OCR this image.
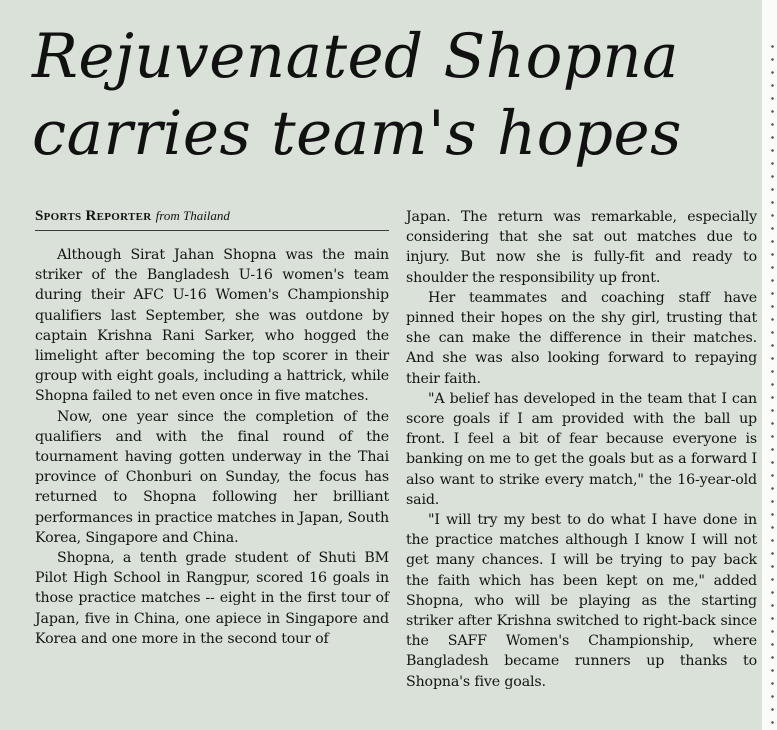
Rejuvenated Shopna
carries team's hopes
Sports Reporter from Thailand

Although Sirat Jahan Shopna was the main striker of the Bangladesh U-16 women's team during their AFC U-16 Women's Championship qualifiers last September, she was outdone by captain Krishna Rani Sarker, who hogged the limelight after becoming the top scorer in their group with eight goals, including a hattrick, while Shopna failed to net even once in five matches.

Now, one year since the completion of the qualifiers and with the final round of the tournament having gotten underway in the Thai province of Chonburi on Sunday, the focus has returned to Shopna following her brilliant performances in practice matches in Japan, South Korea, Singapore and China.

Shopna, a tenth grade student of Shuti BM Pilot High School in Rangpur, scored 16 goals in those practice matches -- eight in the first tour of Japan, five in China, one apiece in Singapore and Korea and one more in the second tour of

Japan. The return was remarkable, especially considering that she sat out matches due to injury. But now she is fully-fit and ready to shoulder the responsibility up front.

Her teammates and coaching staff have pinned their hopes on the shy girl, trusting that she can make the difference in their matches. And she was also looking forward to repaying their faith.

"A belief has developed in the team that I can score goals if I am provided with the ball up front. I feel a bit of fear because everyone is banking on me to get the goals but as a forward I also want to strike every match," the 16-year-old said.

"I will try my best to do what I have done in the practice matches although I know I will not get many chances. I will be trying to pay back the faith which has been kept on me," added Shopna, who will be playing as the starting striker after Krishna switched to right-back since the SAFF Women's Championship, where Bangladesh became runners up thanks to Shopna's five goals.
